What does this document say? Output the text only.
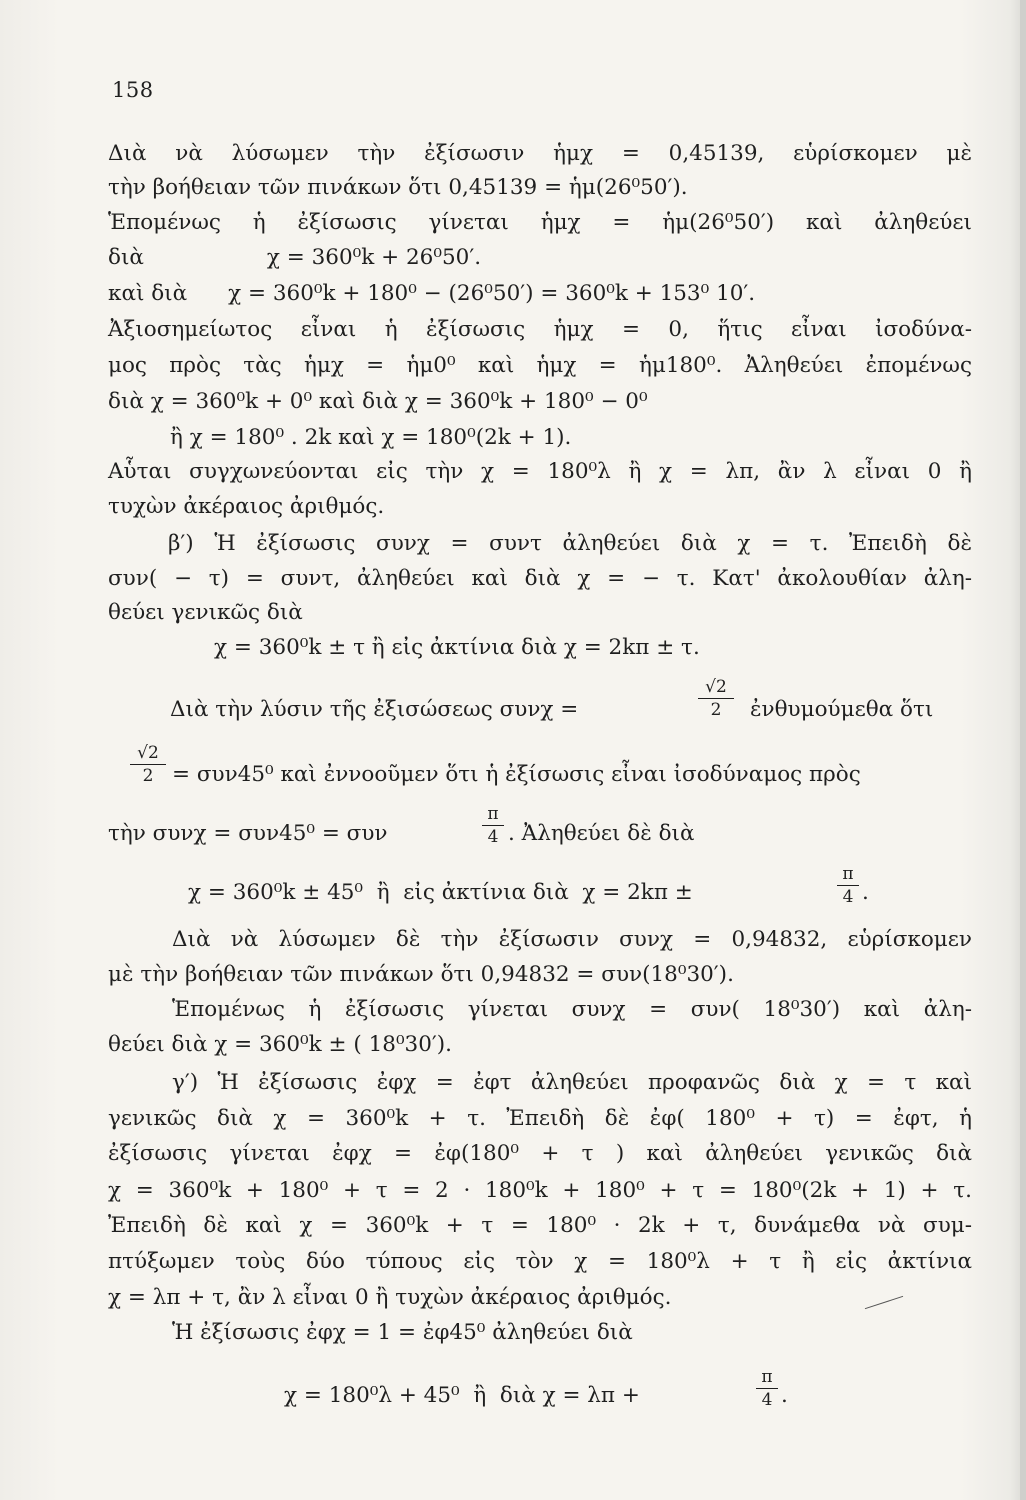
158
Διὰ νὰ λύσωμεν τὴν ἐξίσωσιν ἡμχ = 0,45139, εὑρίσκομεν μὲ
τὴν βοήθειαν τῶν πινάκων ὅτι 0,45139 = ἡμ(26⁰50′).
Ἑπομένως ἡ ἐξίσωσις γίνεται ἡμχ = ἡμ(26⁰50′) καὶ ἀληθεύει
διὰ                  χ = 360⁰k + 26⁰50′.
καὶ διὰ      χ = 360⁰k + 180⁰ − (26⁰50′) = 360⁰k + 153⁰ 10′.
Ἀξιοσημείωτος εἶναι ἡ ἐξίσωσις ἡμχ = 0, ἥτις εἶναι ἰσοδύνα-
μος πρὸς τὰς ἡμχ = ἡμ0⁰ καὶ ἡμχ = ἡμ180⁰. Ἀληθεύει ἐπομένως
διὰ χ = 360⁰k + 0⁰ καὶ διὰ χ = 360⁰k + 180⁰ − 0⁰
ἢ χ = 180⁰ . 2k καὶ χ = 180⁰(2k + 1).
Αὗται συγχωνεύονται εἰς τὴν χ = 180⁰λ ἢ χ = λπ, ἂν λ εἶναι 0 ἢ
τυχὼν ἀκέραιος ἀριθμός.
β′) Ἡ ἐξίσωσις συνχ = συντ ἀληθεύει διὰ χ = τ. Ἐπειδὴ δὲ
συν( − τ) = συντ, ἀληθεύει καὶ διὰ χ = − τ. Κατ' ἀκολουθίαν ἀλη-
θεύει γενικῶς διὰ
χ = 360⁰k ± τ ἢ εἰς ἀκτίνια διὰ χ = 2kπ ± τ.
Διὰ τὴν λύσιν τῆς ἐξισώσεως συνχ =
√2
2	ἐνθυμούμεθα ὅτι
√2
2 = συν45⁰ καὶ ἐννοοῦμεν ὅτι ἡ ἐξίσωσις εἶναι ἰσοδύναμος πρὸς
τὴν συνχ = συν45⁰ = συν
π
4 . Ἀληθεύει δὲ διὰ
χ = 360⁰k ± 45⁰  ἢ  εἰς ἀκτίνια διὰ  χ = 2kπ ±
π
4 .
Διὰ νὰ λύσωμεν δὲ τὴν ἐξίσωσιν συνχ = 0,94832, εὑρίσκομεν
μὲ τὴν βοήθειαν τῶν πινάκων ὅτι 0,94832 = συν(18⁰30′).
Ἑπομένως ἡ ἐξίσωσις γίνεται συνχ = συν( 18⁰30′) καὶ ἀλη-
θεύει διὰ χ = 360⁰k ± ( 18⁰30′).
γ′) Ἡ ἐξίσωσις ἐφχ = ἐφτ ἀληθεύει προφανῶς διὰ χ = τ καὶ
γενικῶς διὰ χ = 360⁰k + τ. Ἐπειδὴ δὲ ἐφ( 180⁰ + τ) = ἐφτ, ἡ
ἐξίσωσις γίνεται ἐφχ = ἐφ(180⁰ + τ ) καὶ ἀληθεύει γενικῶς διὰ
χ = 360⁰k + 180⁰ + τ = 2 · 180⁰k + 180⁰ + τ = 180⁰(2k + 1) + τ.
Ἐπειδὴ δὲ καὶ χ = 360⁰k + τ = 180⁰ · 2k + τ, δυνάμεθα νὰ συμ-
πτύξωμεν τοὺς δύο τύπους εἰς τὸν χ = 180⁰λ + τ ἢ εἰς ἀκτίνια
χ = λπ + τ, ἂν λ εἶναι 0 ἢ τυχὼν ἀκέραιος ἀριθμός.
Ἡ ἐξίσωσις ἐφχ = 1 = ἐφ45⁰ ἀληθεύει διὰ
χ = 180⁰λ + 45⁰  ἢ  διὰ χ = λπ +
π
4 .
